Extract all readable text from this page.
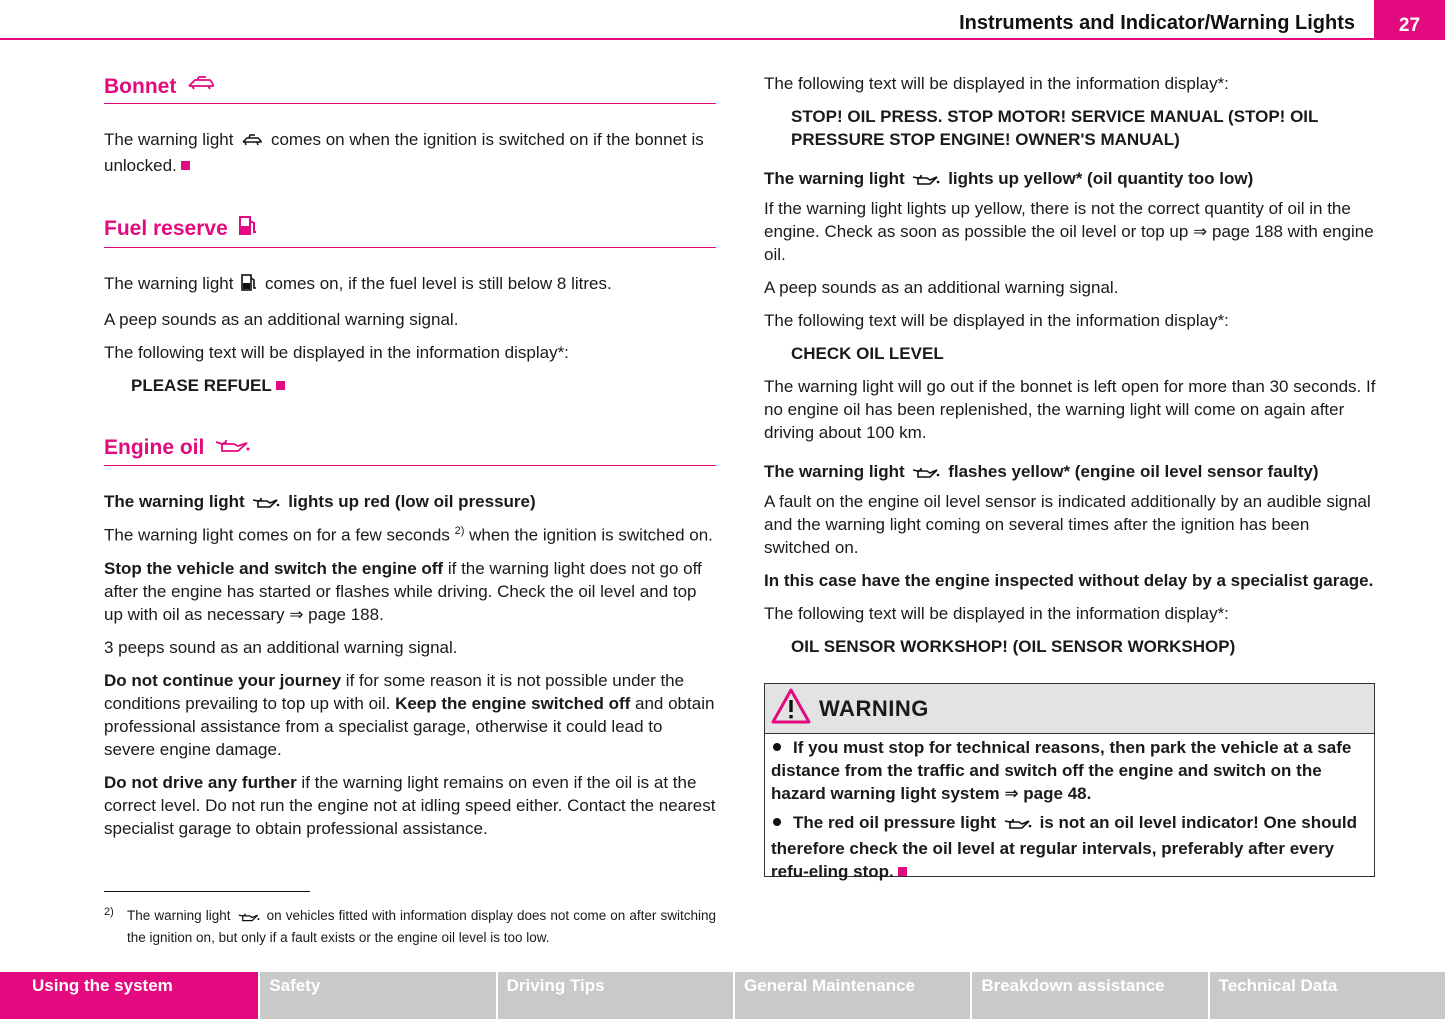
Instruments and Indicator/Warning Lights	27
Bonnet

The warning light comes on when the ignition is switched on if the bonnet is unlocked.

Fuel reserve

The warning light comes on, if the fuel level is still below 8 litres.

A peep sounds as an additional warning signal.

The following text will be displayed in the information display*:

PLEASE REFUEL

Engine oil

The warning light	lights up red (low oil pressure)

The warning light comes on for a few seconds $^{2)}$ when the ignition is switched on.

Stop the vehicle and switch the engine off if the warning light does not go off after the engine has started or flashes while driving. Check the oil level and top up with oil as necessary ⇒ page 188.

3 peeps sound as an additional warning signal.

Do not continue your journey if for some reason it is not possible under the conditions prevailing to top up with oil. Keep the engine switched off and obtain professional assistance from a specialist garage, otherwise it could lead to severe engine damage.

Do not drive any further if the warning light remains on even if the oil is at the correct level. Do not run the engine not at idling speed either. Contact the nearest specialist garage to obtain professional assistance.

2) The warning light	on vehicles fitted with information display does not come on after switching the ignition on, but only if a fault exists or the engine oil level is too low.

The following text will be displayed in the information display*:

STOP! OIL PRESS. STOP MOTOR! SERVICE MANUAL (STOP! OIL PRESSURE STOP ENGINE! OWNER'S MANUAL)

The warning light	lights up yellow* (oil quantity too low)

If the warning light lights up yellow, there is not the correct quantity of oil in the engine. Check as soon as possible the oil level or top up ⇒ page 188 with engine oil.

A peep sounds as an additional warning signal.

The following text will be displayed in the information display*:

CHECK OIL LEVEL

The warning light will go out if the bonnet is left open for more than 30 seconds. If no engine oil has been replenished, the warning light will come on again after driving about 100 km.

The warning light	flashes yellow* (engine oil level sensor faulty)

A fault on the engine oil level sensor is indicated additionally by an audible signal and the warning light coming on several times after the ignition has been switched on.

In this case have the engine inspected without delay by a specialist garage.

The following text will be displayed in the information display*:

OIL SENSOR WORKSHOP! (OIL SENSOR WORKSHOP)

WARNING

If you must stop for technical reasons, then park the vehicle at a safe distance from the traffic and switch off the engine and switch on the hazard warning light system ⇒ page 48.

The red oil pressure light	is not an oil level indicator! One should therefore check the oil level at regular intervals, preferably after every refu-eling stop.

Using the system	Safety	Driving Tips	General Maintenance	Breakdown assistance	Technical Data
